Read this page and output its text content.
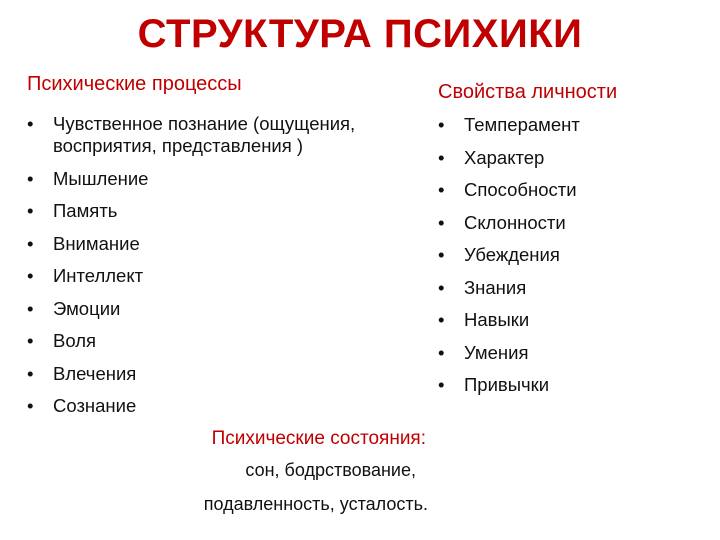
СТРУКТУРА ПСИХИКИ
Психические процессы
• Чувственное познание (ощущения, восприятия, представления )
• Мышление
• Память
• Внимание
• Интеллект
• Эмоции
• Воля
• Влечения
• Сознание
Свойства личности
• Темперамент
• Характер
• Способности
• Склонности
• Убеждения
• Знания
• Навыки
• Умения
• Привычки
Психические состояния:
сон, бодрствование,
подавленность, усталость.
